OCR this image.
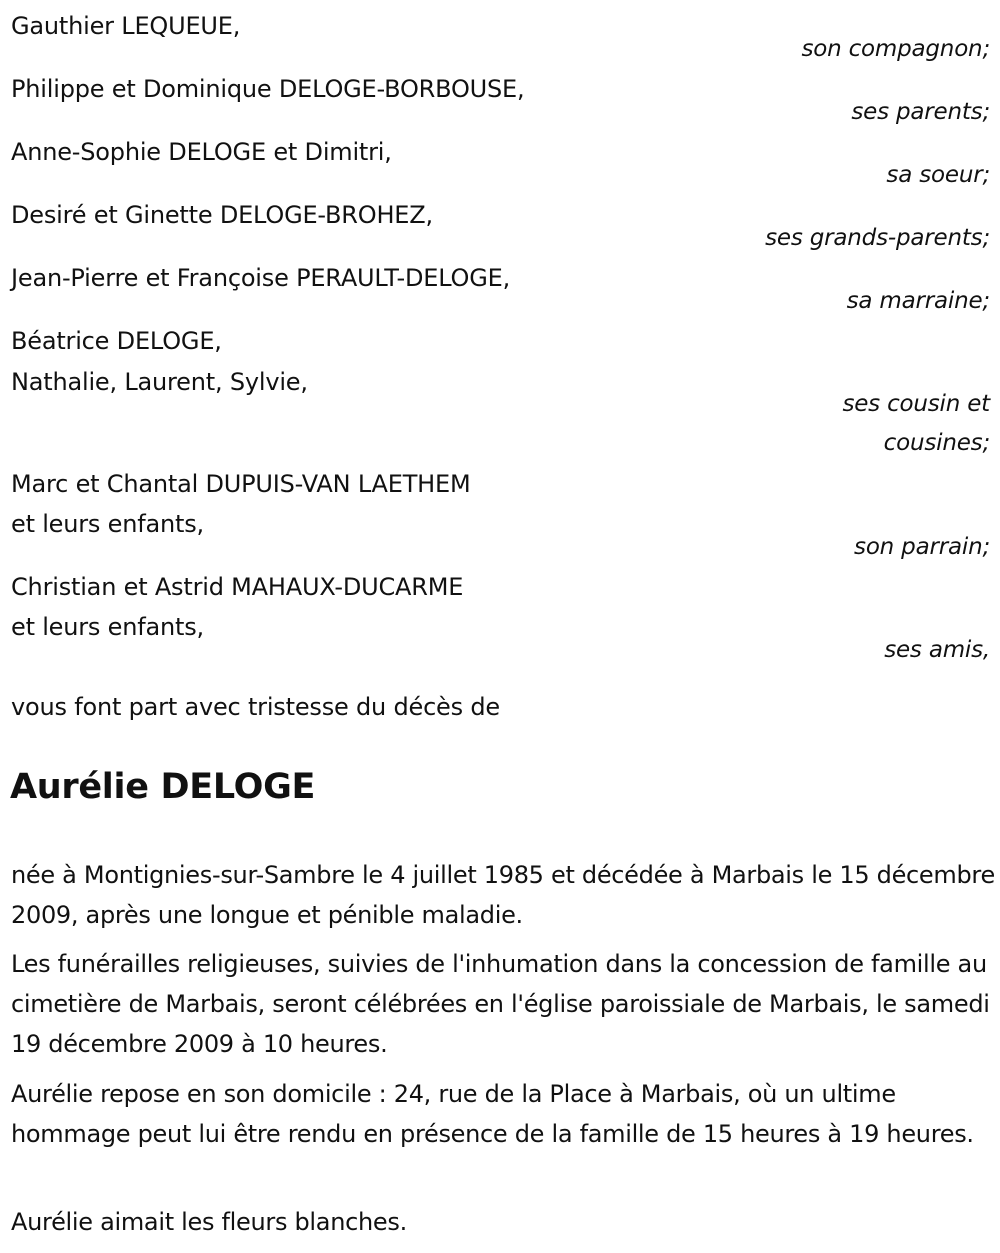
Gauthier LEQUEUE,
son compagnon;
Philippe et Dominique DELOGE-BORBOUSE,
ses parents;
Anne-Sophie DELOGE et Dimitri,
sa soeur;
Desiré et Ginette DELOGE-BROHEZ,
ses grands-parents;
Jean-Pierre et Françoise PERAULT-DELOGE,
sa marraine;
Béatrice DELOGE,
Nathalie, Laurent, Sylvie,
ses cousin et
cousines;
Marc et Chantal DUPUIS-VAN LAETHEM
et leurs enfants,
son parrain;
Christian et Astrid MAHAUX-DUCARME
et leurs enfants,
ses amis,
vous font part avec tristesse du décès de
Aurélie DELOGE
née à Montignies-sur-Sambre le 4 juillet 1985 et décédée à Marbais le 15 décembre 2009, après une longue et pénible maladie.
Les funérailles religieuses, suivies de l'inhumation dans la concession de famille au cimetière de Marbais, seront célébrées en l'église paroissiale de Marbais, le samedi 19 décembre 2009 à 10 heures.
Aurélie repose en son domicile : 24, rue de la Place à Marbais, où un ultime hommage peut lui être rendu en présence de la famille de 15 heures à 19 heures.
Aurélie aimait les fleurs blanches.
